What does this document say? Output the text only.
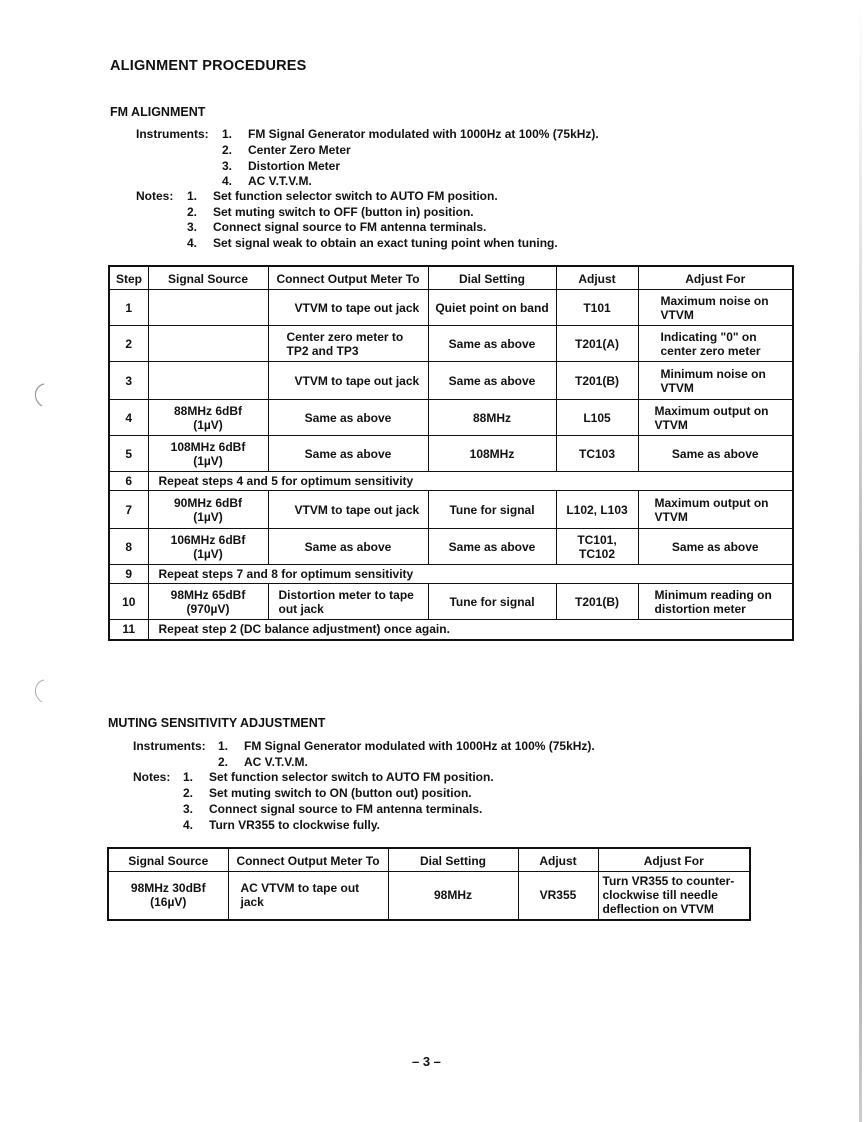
ALIGNMENT PROCEDURES
FM ALIGNMENT
Instruments: 1. FM Signal Generator modulated with 1000Hz at 100% (75kHz).
2. Center Zero Meter
3. Distortion Meter
4. AC V.T.V.M.
Notes: 1. Set function selector switch to AUTO FM position.
2. Set muting switch to OFF (button in) position.
3. Connect signal source to FM antenna terminals.
4. Set signal weak to obtain an exact tuning point when tuning.
Step	Signal Source	Connect Output Meter To	Dial Setting	Adjust	Adjust For
1		VTVM to tape out jack	Quiet point on band	T101	Maximum noise on VTVM
2		Center zero meter to TP2 and TP3	Same as above	T201(A)	Indicating "0" on center zero meter
3		VTVM to tape out jack	Same as above	T201(B)	Minimum noise on VTVM
4	88MHz 6dBf (1µV)	Same as above	88MHz	L105	Maximum output on VTVM
5	108MHz 6dBf (1µV)	Same as above	108MHz	TC103	Same as above
6	Repeat steps 4 and 5 for optimum sensitivity				
7	90MHz 6dBf (1µV)	VTVM to tape out jack	Tune for signal	L102, L103	Maximum output on VTVM
8	106MHz 6dBf (1µV)	Same as above	Same as above	TC101, TC102	Same as above
9	Repeat steps 7 and 8 for optimum sensitivity				
10	98MHz 65dBf (970µV)	Distortion meter to tape out jack	Tune for signal	T201(B)	Minimum reading on distortion meter
11	Repeat step 2 (DC balance adjustment) once again.				
MUTING SENSITIVITY ADJUSTMENT
Instruments: 1. FM Signal Generator modulated with 1000Hz at 100% (75kHz).
2. AC V.T.V.M.
Notes: 1. Set function selector switch to AUTO FM position.
2. Set muting switch to ON (button out) position.
3. Connect signal source to FM antenna terminals.
4. Turn VR355 to clockwise fully.
Signal Source	Connect Output Meter To	Dial Setting	Adjust	Adjust For
98MHz 30dBf (16µV)	AC VTVM to tape out jack	98MHz	VR355	Turn VR355 to counter-clockwise till needle deflection on VTVM
– 3 –
